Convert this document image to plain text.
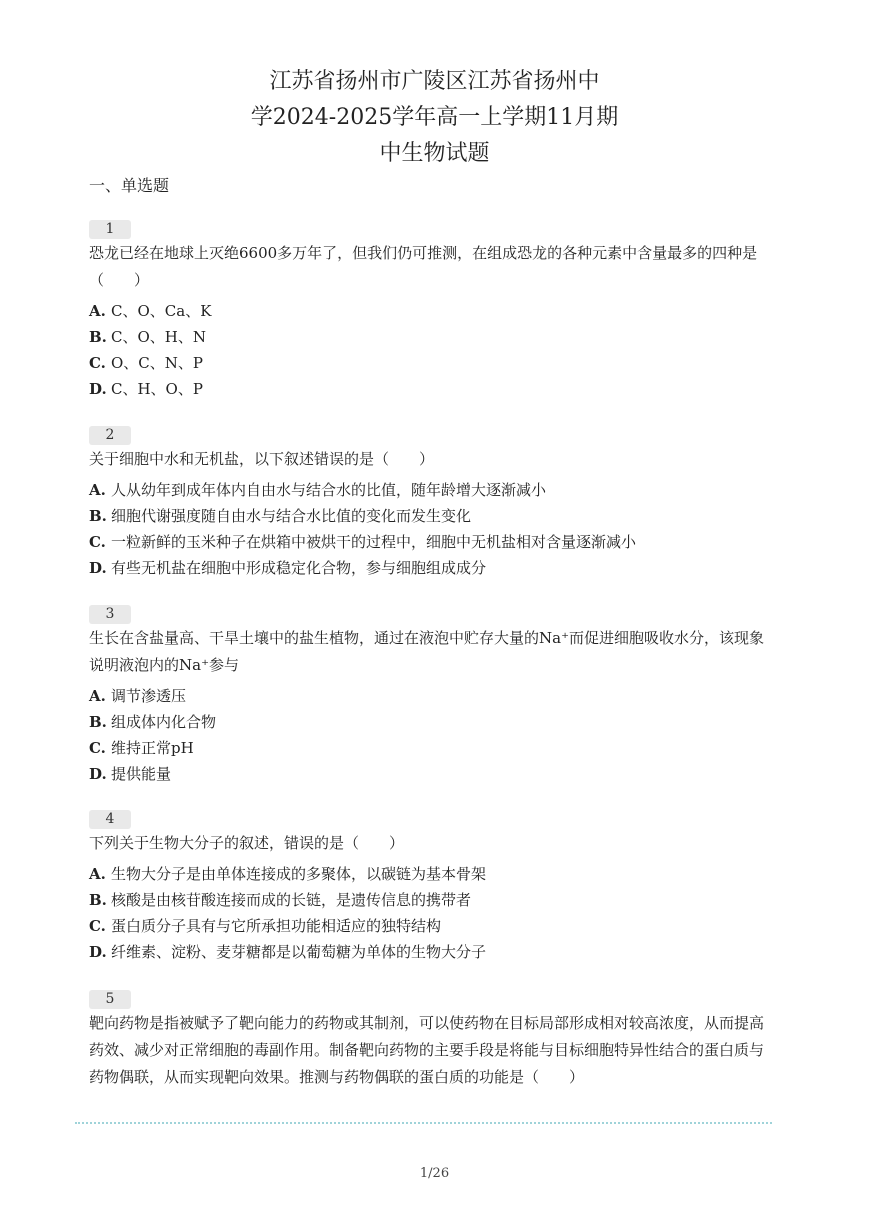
江苏省扬州市广陵区江苏省扬州中
学2024-2025学年高一上学期11月期
中生物试题
一、单选题
1
恐龙已经在地球上灭绝6600多万年了，但我们仍可推测，在组成恐龙的各种元素中含量最多的四种是（　　）
A. C、O、Ca、K
B. C、O、H、N
C. O、C、N、P
D. C、H、O、P
2
关于细胞中水和无机盐，以下叙述错误的是（　　）
A. 人从幼年到成年体内自由水与结合水的比值，随年龄增大逐渐减小
B. 细胞代谢强度随自由水与结合水比值的变化而发生变化
C. 一粒新鲜的玉米种子在烘箱中被烘干的过程中，细胞中无机盐相对含量逐渐减小
D. 有些无机盐在细胞中形成稳定化合物，参与细胞组成成分
3
生长在含盐量高、干旱土壤中的盐生植物，通过在液泡中贮存大量的Na⁺而促进细胞吸收水分，该现象说明液泡内的Na⁺参与
A. 调节渗透压
B. 组成体内化合物
C. 维持正常pH
D. 提供能量
4
下列关于生物大分子的叙述，错误的是（　　）
A. 生物大分子是由单体连接成的多聚体，以碳链为基本骨架
B. 核酸是由核苷酸连接而成的长链，是遗传信息的携带者
C. 蛋白质分子具有与它所承担功能相适应的独特结构
D. 纤维素、淀粉、麦芽糖都是以葡萄糖为单体的生物大分子
5
靶向药物是指被赋予了靶向能力的药物或其制剂，可以使药物在目标局部形成相对较高浓度，从而提高药效、减少对正常细胞的毒副作用。制备靶向药物的主要手段是将能与目标细胞特异性结合的蛋白质与药物偶联，从而实现靶向效果。推测与药物偶联的蛋白质的功能是（　　）
1/26
